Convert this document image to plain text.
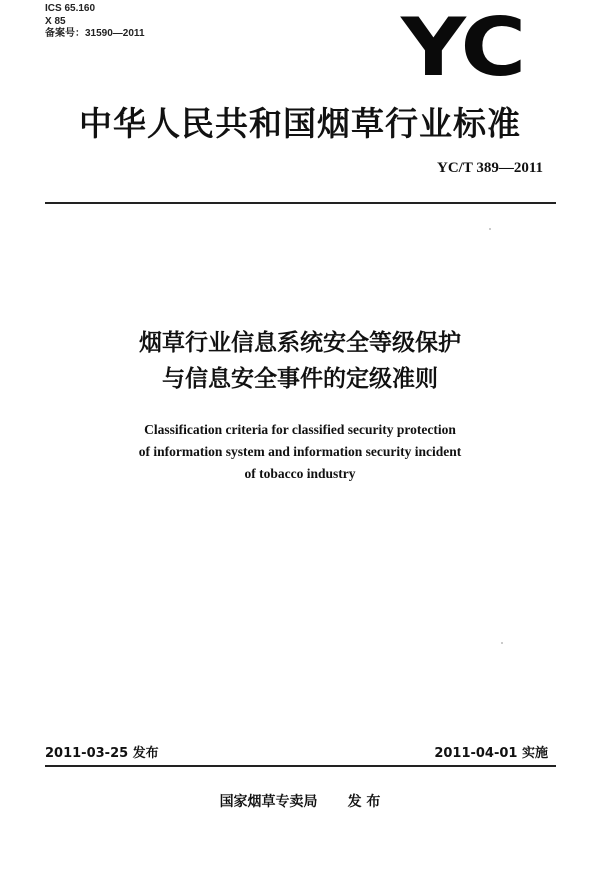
ICS 65.160
X 85
备案号：31590—2011	YC
中华人民共和国烟草行业标准
YC/T 389—2011
烟草行业信息系统安全等级保护
与信息安全事件的定级准则
Classification criteria for classified security protection
of information system and information security incident
of tobacco industry
2011-03-25 发布	2011-04-01 实施
国家烟草专卖局 发 布
